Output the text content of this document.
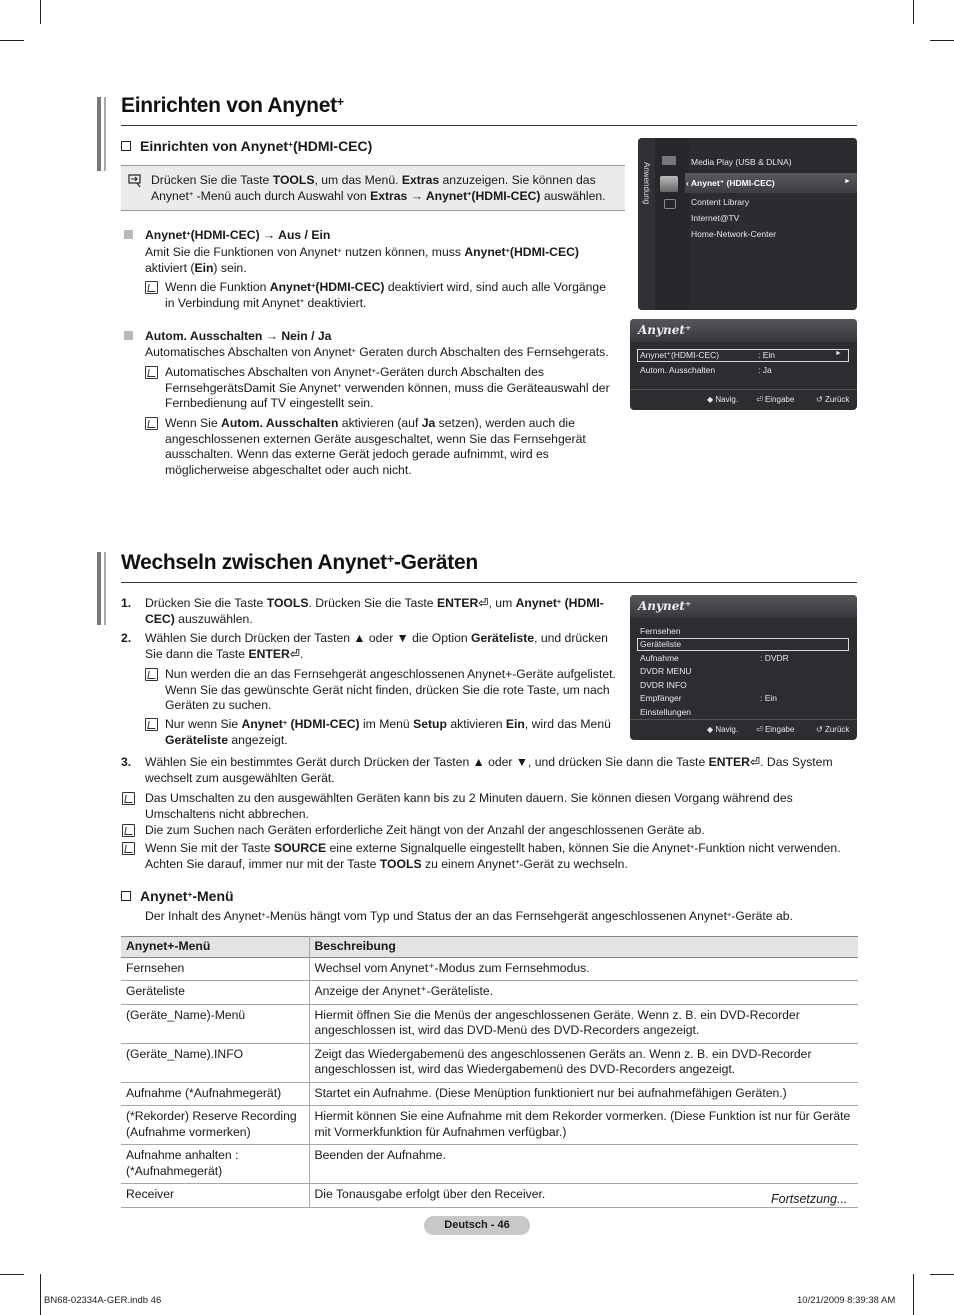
Einrichten von Anynet+
Einrichten von Anynet+(HDMI-CEC)
Drücken Sie die Taste TOOLS, um das Menü. Extras anzuzeigen. Sie können das
Anynet+ -Menü auch durch Auswahl von Extras → Anynet+(HDMI-CEC) auswählen.
Anynet+(HDMI-CEC) → Aus / Ein
Amit Sie die Funktionen von Anynet+ nutzen können, muss Anynet+(HDMI-CEC)
aktiviert (Ein) sein.
Wenn die Funktion Anynet+(HDMI-CEC) deaktiviert wird, sind auch alle Vorgänge
in Verbindung mit Anynet+ deaktiviert.
Autom. Ausschalten → Nein / Ja
Automatisches Abschalten von Anynet+ Geraten durch Abschalten des Fernsehgerats.
Automatisches Abschalten von Anynet+-Geräten durch Abschalten des
FernsehgerätsDamit Sie Anynet+ verwenden können, muss die Geräteauswahl der
Fernbedienung auf TV eingestellt sein.
Wenn Sie Autom. Ausschalten aktivieren (auf Ja setzen), werden auch die
angeschlossenen externen Geräte ausgeschaltet, wenn Sie das Fernsehgerät
ausschalten. Wenn das externe Gerät jedoch gerade aufnimmt, wird es
möglicherweise abgeschaltet oder auch nicht.
Anwendung	Media Play (USB & DLNA)
‹ Anynet⁺ (HDMI-CEC)	►
Content Library
Internet@TV
Home-Network-Center
Anynet⁺
Anynet⁺(HDMI-CEC)	: Ein	►
Autom. Ausschalten	: Ja
◆ Navig. ⏎ Eingabe	↺ Zurück
Wechseln zwischen Anynet+-Geräten
1. Drücken Sie die Taste TOOLS. Drücken Sie die Taste ENTER⏎, um Anynet+ (HDMI-
CEC) auszuwählen.
2. Wählen Sie durch Drücken der Tasten ▲ oder ▼ die Option Geräteliste, und drücken
Sie dann die Taste ENTER⏎.
Nun werden die an das Fernsehgerät angeschlossenen Anynet+-Geräte aufgelistet.
Wenn Sie das gewünschte Gerät nicht finden, drücken Sie die rote Taste, um nach
Geräten zu suchen.
Nur wenn Sie Anynet+ (HDMI-CEC) im Menü Setup aktivieren Ein, wird das Menü
Geräteliste angezeigt.
3. Wählen Sie ein bestimmtes Gerät durch Drücken der Tasten ▲ oder ▼, und drücken Sie dann die Taste ENTER⏎. Das System
wechselt zum ausgewählten Gerät.
Das Umschalten zu den ausgewählten Geräten kann bis zu 2 Minuten dauern. Sie können diesen Vorgang während des
Umschaltens nicht abbrechen.
Die zum Suchen nach Geräten erforderliche Zeit hängt von der Anzahl der angeschlossenen Geräte ab.
Wenn Sie mit der Taste SOURCE eine externe Signalquelle eingestellt haben, können Sie die Anynet+-Funktion nicht verwenden.
Achten Sie darauf, immer nur mit der Taste TOOLS zu einem Anynet+-Gerät zu wechseln.
Anynet+-Menü
Der Inhalt des Anynet+-Menüs hängt vom Typ und Status der an das Fernsehgerät angeschlossenen Anynet+-Geräte ab.
Anynet⁺
Fernsehen
Geräteliste
Aufnahme	: DVDR
DVDR MENU
DVDR INFO
Empfänger	: Ein
Einstellungen
◆ Navig. ⏎ Eingabe	↺ Zurück
Anynet+-Menü	Beschreibung
Fernsehen	Wechsel vom Anynet⁺-Modus zum Fernsehmodus.
Geräteliste	Anzeige der Anynet⁺-Geräteliste.
(Geräte_Name)-Menü	Hiermit öffnen Sie die Menüs der angeschlossenen Geräte. Wenn z. B. ein DVD-Recorder angeschlossen ist, wird das DVD-Menü des DVD-Recorders angezeigt.
(Geräte_Name).INFO	Zeigt das Wiedergabemenü des angeschlossenen Geräts an. Wenn z. B. ein DVD-Recorder angeschlossen ist, wird das Wiedergabemenü des DVD-Recorders angezeigt.
Aufnahme (*Aufnahmegerät)	Startet ein Aufnahme. (Diese Menüption funktioniert nur bei aufnahmefähigen Geräten.)
(*Rekorder) Reserve Recording (Aufnahme vormerken)	Hiermit können Sie eine Aufnahme mit dem Rekorder vormerken. (Diese Funktion ist nur für Geräte mit Vormerkfunktion für Aufnahmen verfügbar.)
Aufnahme anhalten : (*Aufnahmegerät)	Beenden der Aufnahme.
Receiver	Die Tonausgabe erfolgt über den Receiver.	Fortsetzung...
Deutsch - 46
BN68-02334A-GER.indb 46	10/21/2009 8:39:38 AM
